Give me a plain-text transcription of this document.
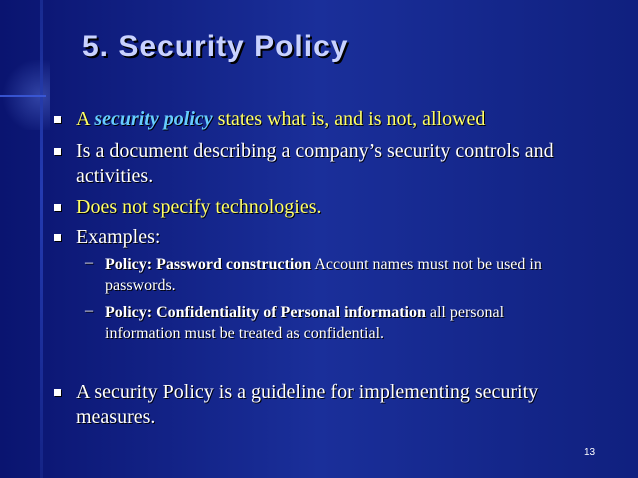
5. Security Policy
A security policy states what is, and is not, allowed
Is a document describing a company’s security controls and
activities.
Does not specify technologies.
Examples:
– Policy: Password construction Account names must not be used in
passwords.
– Policy: Confidentiality of Personal information all personal
information must be treated as confidential.
A security Policy is a guideline for implementing security
measures.
13
